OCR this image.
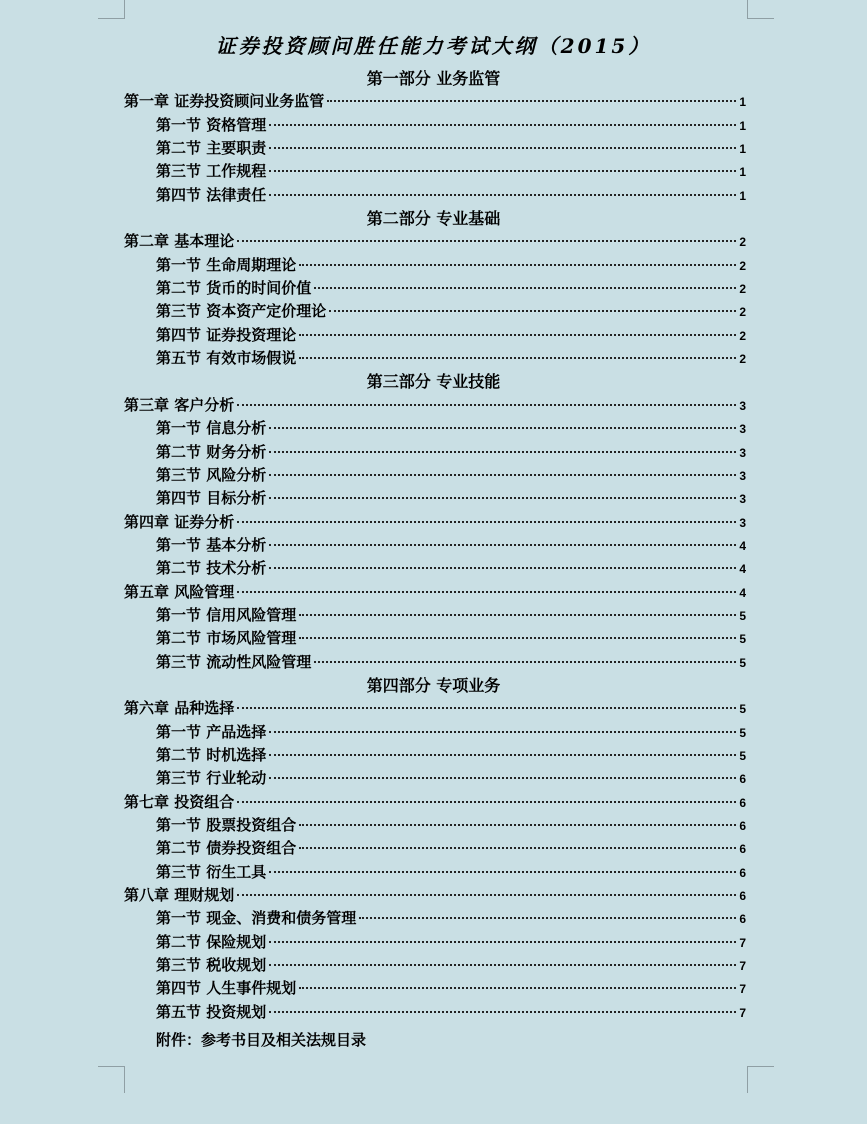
证券投资顾问胜任能力考试大纲（2015）
第一部分 业务监管
第一章 证券投资顾问业务监管	1
第一节 资格管理	1
第二节 主要职责	1
第三节 工作规程	1
第四节 法律责任	1
第二部分 专业基础
第二章 基本理论	2
第一节 生命周期理论	2
第二节 货币的时间价值	2
第三节 资本资产定价理论	2
第四节 证券投资理论	2
第五节 有效市场假说	2
第三部分 专业技能
第三章 客户分析	3
第一节 信息分析	3
第二节 财务分析	3
第三节 风险分析	3
第四节 目标分析	3
第四章 证券分析	3
第一节 基本分析	4
第二节 技术分析	4
第五章 风险管理	4
第一节 信用风险管理	5
第二节 市场风险管理	5
第三节 流动性风险管理	5
第四部分 专项业务
第六章 品种选择	5
第一节 产品选择	5
第二节 时机选择	5
第三节 行业轮动	6
第七章 投资组合	6
第一节 股票投资组合	6
第二节 债券投资组合	6
第三节 衍生工具	6
第八章 理财规划	6
第一节 现金、消费和债务管理	6
第二节 保险规划	7
第三节 税收规划	7
第四节 人生事件规划	7
第五节 投资规划	7
附件：参考书目及相关法规目录
